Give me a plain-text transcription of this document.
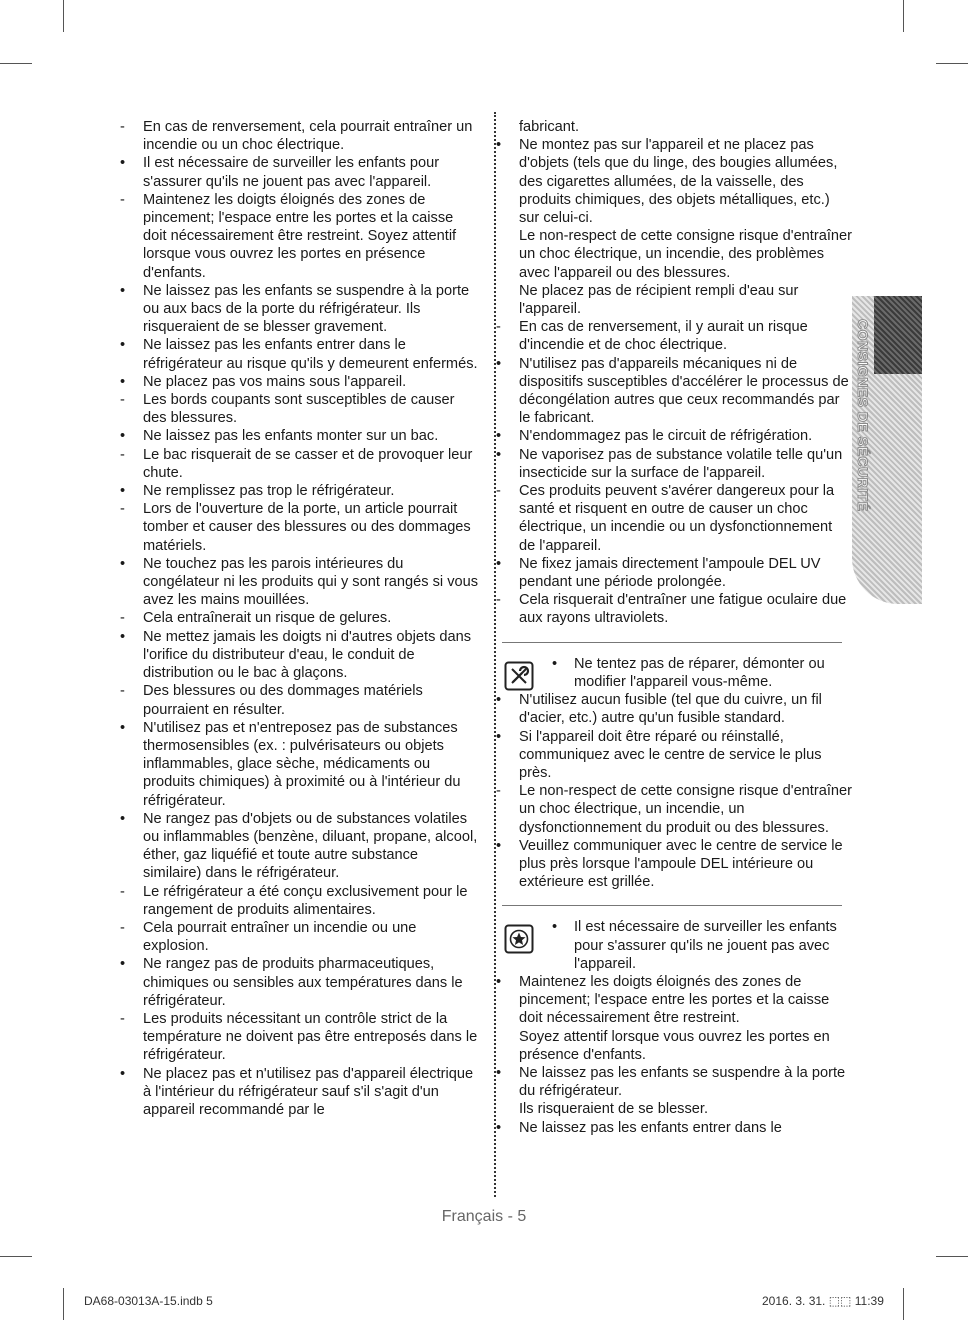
-	En cas de renversement, cela pourrait entraîner un incendie ou un choc électrique.
•	Il est nécessaire de surveiller les enfants pour s'assurer qu'ils ne jouent pas avec l'appareil.
-	Maintenez les doigts éloignés des zones de pincement; l'espace entre les portes et la caisse doit nécessairement être restreint. Soyez attentif lorsque vous ouvrez les portes en présence d'enfants.
•	Ne laissez pas les enfants se suspendre à la porte ou aux bacs de la porte du réfrigérateur. Ils risqueraient de se blesser gravement.
•	Ne laissez pas les enfants entrer dans le réfrigérateur au risque qu'ils y demeurent enfermés.
•	Ne placez pas vos mains sous l'appareil.
-	Les bords coupants sont susceptibles de causer des blessures.
•	Ne laissez pas les enfants monter sur un bac.
-	Le bac risquerait de se casser et de provoquer leur chute.
•	Ne remplissez pas trop le réfrigérateur.
-	Lors de l'ouverture de la porte, un article pourrait tomber et causer des blessures ou des dommages matériels.
•	Ne touchez pas les parois intérieures du congélateur ni les produits qui y sont rangés si vous avez les mains mouillées.
-	Cela entraînerait un risque de gelures.
•	Ne mettez jamais les doigts ni d'autres objets dans l'orifice du distributeur d'eau, le conduit de distribution ou le bac à glaçons.
-	Des blessures ou des dommages matériels pourraient en résulter.
•	N'utilisez pas et n'entreposez pas de substances thermosensibles (ex. : pulvérisateurs ou objets inflammables, glace sèche, médicaments ou produits chimiques) à proximité ou à l'intérieur du réfrigérateur.
•	Ne rangez pas d'objets ou de substances volatiles ou inflammables (benzène, diluant, propane, alcool, éther, gaz liquéfié et toute autre substance similaire) dans le réfrigérateur.
-	Le réfrigérateur a été conçu exclusivement pour le rangement de produits alimentaires.
-	Cela pourrait entraîner un incendie ou une explosion.
•	Ne rangez pas de produits pharmaceutiques, chimiques ou sensibles aux températures dans le réfrigérateur.
-	Les produits nécessitant un contrôle strict de la température ne doivent pas être entreposés dans le réfrigérateur.
•	Ne placez pas et n'utilisez pas d'appareil électrique à l'intérieur du réfrigérateur sauf s'il s'agit d'un appareil recommandé par le
fabricant.
•	Ne montez pas sur l'appareil et ne placez pas d'objets (tels que du linge, des bougies allumées, des cigarettes allumées, de la vaisselle, des produits chimiques, des objets métalliques, etc.) sur celui-ci.
Le non-respect de cette consigne risque d'entraîner un choc électrique, un incendie, des problèmes avec l'appareil ou des blessures.
Ne placez pas de récipient rempli d'eau sur l'appareil.
-	En cas de renversement, il y aurait un risque d'incendie et de choc électrique.
•	N'utilisez pas d'appareils mécaniques ni de dispositifs susceptibles d'accélérer le processus de décongélation autres que ceux recommandés par le fabricant.
•	N'endommagez pas le circuit de réfrigération.
•	Ne vaporisez pas de substance volatile telle qu'un insecticide sur la surface de l'appareil.
-	Ces produits peuvent s'avérer dangereux pour la santé et risquent en outre de causer un choc électrique, un incendie ou un dysfonctionnement de l'appareil.
•	Ne fixez jamais directement l'ampoule DEL UV pendant une période prolongée.
-	Cela risquerait d'entraîner une fatigue oculaire due aux rayons ultraviolets.
• Ne tentez pas de réparer, démonter ou modifier l'appareil vous-même.
•	N'utilisez aucun fusible (tel que du cuivre, un fil d'acier, etc.) autre qu'un fusible standard.
•	Si l'appareil doit être réparé ou réinstallé, communiquez avec le centre de service le plus près.
-	Le non-respect de cette consigne risque d'entraîner un choc électrique, un incendie, un dysfonctionnement du produit ou des blessures.
•	Veuillez communiquer avec le centre de service le plus près lorsque l'ampoule DEL intérieure ou extérieure est grillée.
• Il est nécessaire de surveiller les enfants pour s'assurer qu'ils ne jouent pas avec l'appareil.
•	Maintenez les doigts éloignés des zones de pincement; l'espace entre les portes et la caisse doit nécessairement être restreint.
Soyez attentif lorsque vous ouvrez les portes en présence d'enfants.
•	Ne laissez pas les enfants se suspendre à la porte du réfrigérateur.
Ils risqueraient de se blesser.
•	Ne laissez pas les enfants entrer dans le
CONSIGNES DE SÉCURITÉ
Français - 5
DA68-03013A-15.indb 5	2016. 3. 31. ⬚⬚ 11:39
